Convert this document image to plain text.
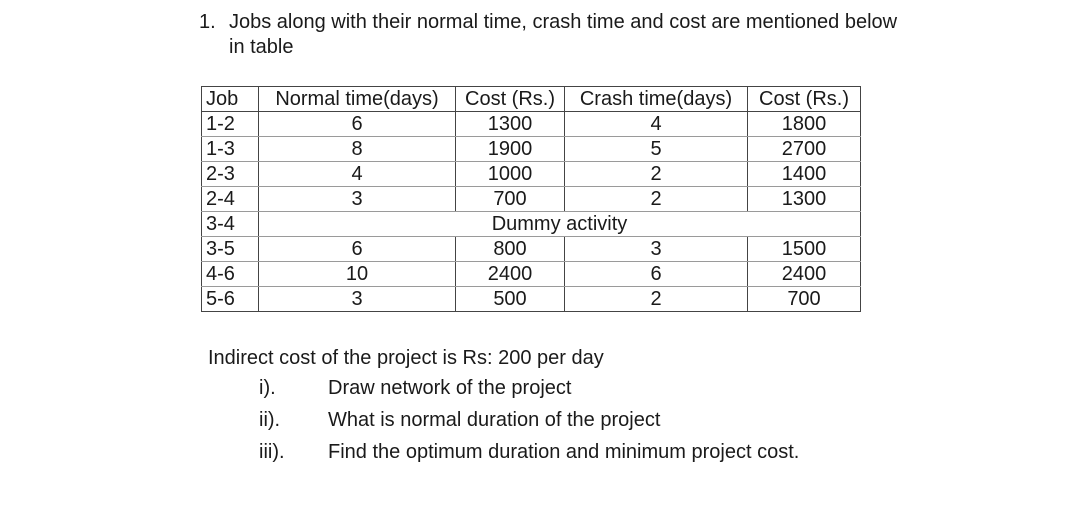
1. Jobs along with their normal time, crash time and cost are mentioned below in table
Job	Normal time(days)	Cost (Rs.)	Crash time(days)	Cost (Rs.)
1-2	6	1300	4	1800
1-3	8	1900	5	2700
2-3	4	1000	2	1400
2-4	3	700	2	1300
3-4	Dummy activity			
3-5	6	800	3	1500
4-6	10	2400	6	2400
5-6	3	500	2	700
Indirect cost of the project is Rs: 200 per day
i).	Draw network of the project
ii). What is normal duration of the project
iii). Find the optimum duration and minimum project cost.
